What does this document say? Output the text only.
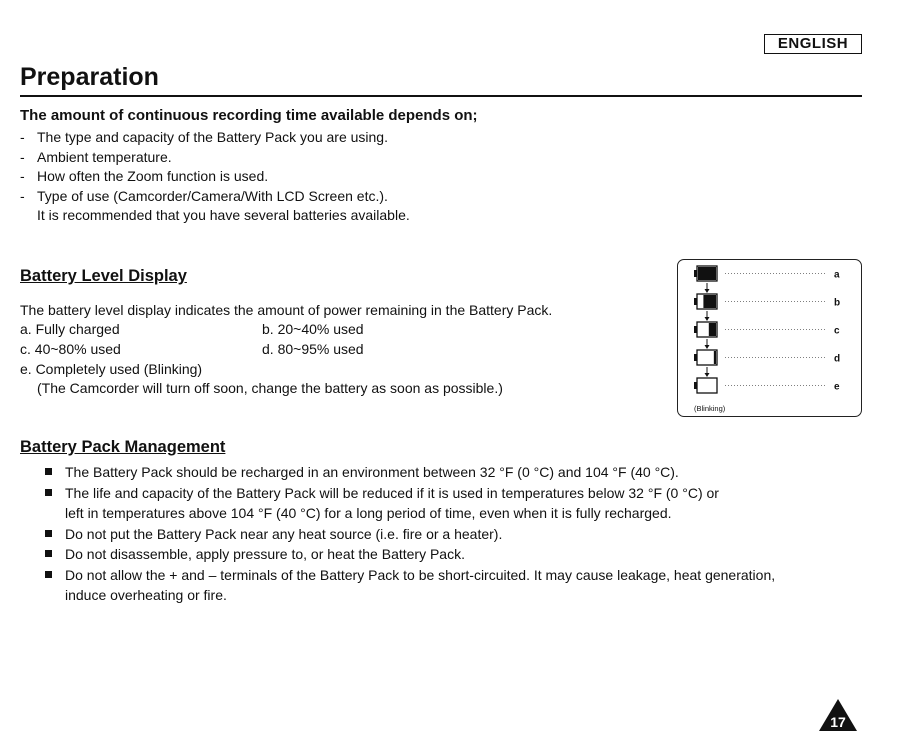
ENGLISH
Preparation
The amount of continuous recording time available depends on;
- The type and capacity of the Battery Pack you are using.
- Ambient temperature.
- How often the Zoom function is used.
- Type of use (Camcorder/Camera/With LCD Screen etc.).
It is recommended that you have several batteries available.
Battery Level Display
The battery level display indicates the amount of power remaining in the Battery Pack.
a. Fully charged	b. 20~40% used
c. 40~80% used	d. 80~95% used
e. Completely used (Blinking)
(The Camcorder will turn off soon, change the battery as soon as possible.)
a
b
c
d
e
(Blinking)
Battery Pack Management
The Battery Pack should be recharged in an environment between 32 °F (0 °C) and 104 °F (40 °C).
The life and capacity of the Battery Pack will be reduced if it is used in temperatures below 32 °F (0 °C) or
left in temperatures above 104 °F (40 °C) for a long period of time, even when it is fully recharged.
Do not put the Battery Pack near any heat source (i.e. fire or a heater).
Do not disassemble, apply pressure to, or heat the Battery Pack.
Do not allow the + and – terminals of the Battery Pack to be short-circuited. It may cause leakage, heat generation,
induce overheating or fire.
17
